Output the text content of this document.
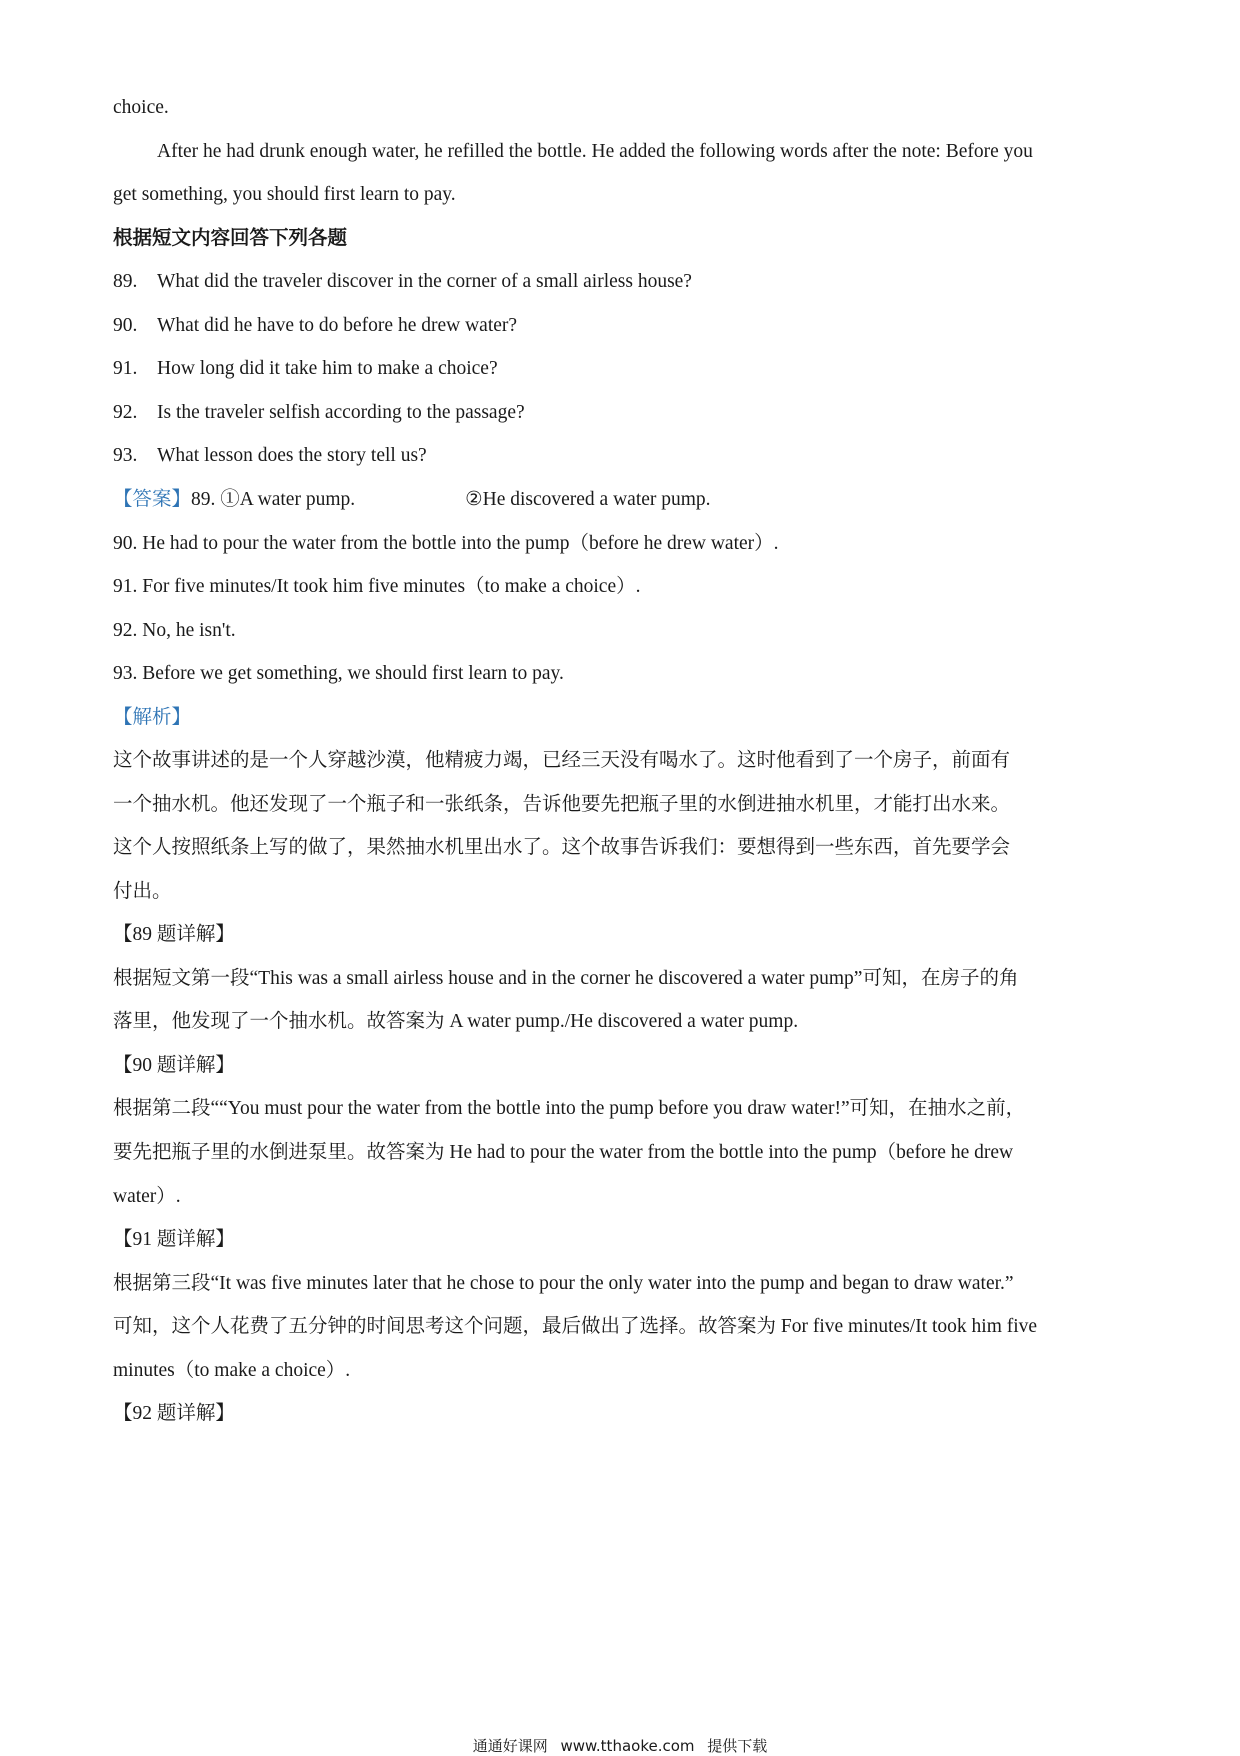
choice.
After he had drunk enough water, he refilled the bottle. He added the following words after the note: Before you
get something, you should first learn to pay.
根据短文内容回答下列各题
89. What did the traveler discover in the corner of a small airless house?
90. What did he have to do before he drew water?
91. How long did it take him to make a choice?
92. Is the traveler selfish according to the passage?
93. What lesson does the story tell us?
【答案】89. ①A water pump.	②He discovered a water pump.
90. He had to pour the water from the bottle into the pump（before he drew water）.
91. For five minutes/It took him five minutes（to make a choice）.
92. No, he isn't.
93. Before we get something, we should first learn to pay.
【解析】
这个故事讲述的是一个人穿越沙漠，他精疲力竭，已经三天没有喝水了。这时他看到了一个房子，前面有
一个抽水机。他还发现了一个瓶子和一张纸条，告诉他要先把瓶子里的水倒进抽水机里，才能打出水来。
这个人按照纸条上写的做了，果然抽水机里出水了。这个故事告诉我们：要想得到一些东西，首先要学会
付出。
【89 题详解】
根据短文第一段“This was a small airless house and in the corner he discovered a water pump”可知，在房子的角
落里，他发现了一个抽水机。故答案为 A water pump./He discovered a water pump.
【90 题详解】
根据第二段““You must pour the water from the bottle into the pump before you draw water!”可知，在抽水之前，
要先把瓶子里的水倒进泵里。故答案为 He had to pour the water from the bottle into the pump（before he drew
water）.
【91 题详解】
根据第三段“It was five minutes later that he chose to pour the only water into the pump and began to draw water.”
可知，这个人花费了五分钟的时间思考这个问题，最后做出了选择。故答案为 For five minutes/It took him five
minutes（to make a choice）.
【92 题详解】
通通好课网 www.tthaoke.com 提供下载
